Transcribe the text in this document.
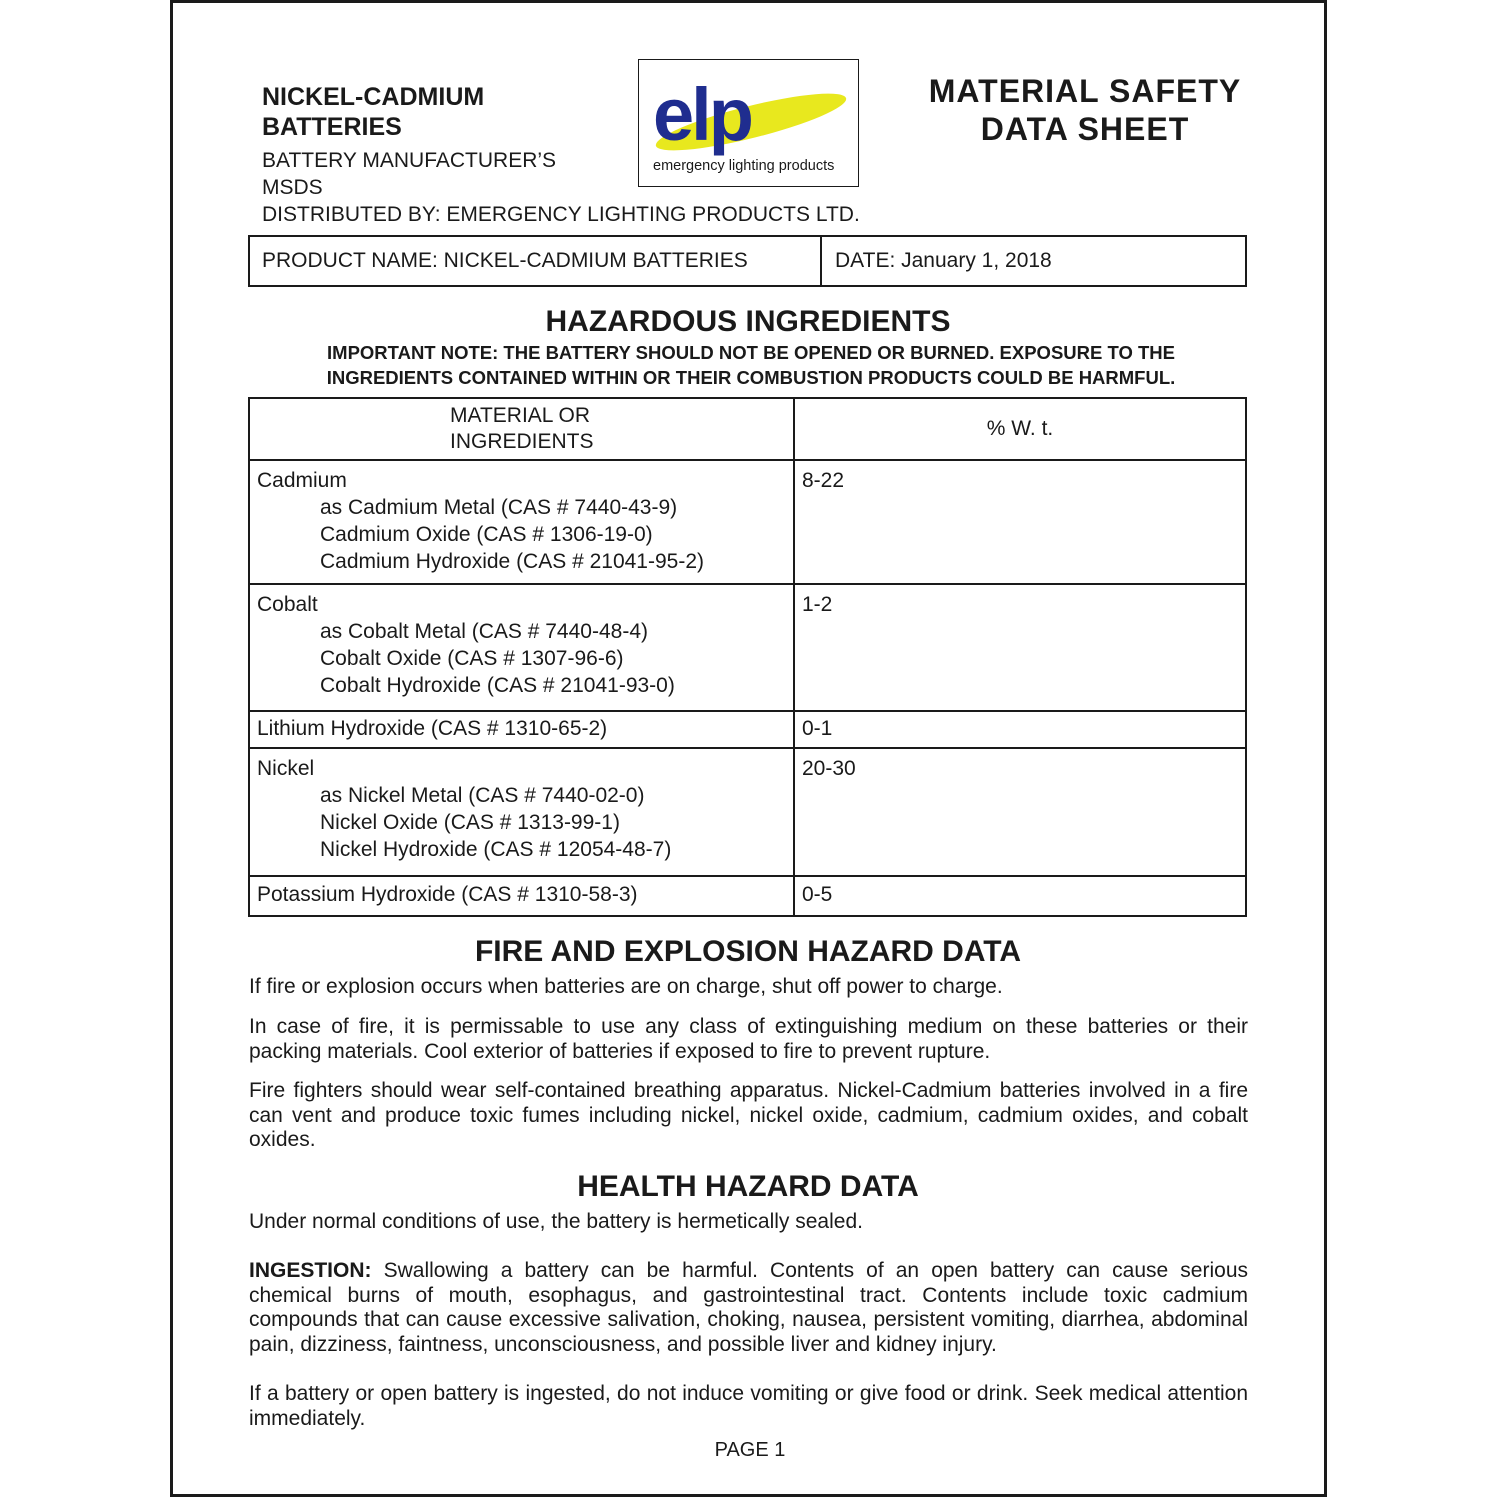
NICKEL-CADMIUM
BATTERIES
BATTERY MANUFACTURER’S
MSDS
DISTRIBUTED BY: EMERGENCY LIGHTING PRODUCTS LTD.
elp
emergency lighting products
MATERIAL SAFETY
DATA SHEET
PRODUCT NAME: NICKEL-CADMIUM BATTERIES	DATE: January 1, 2018
HAZARDOUS INGREDIENTS
IMPORTANT NOTE: THE BATTERY SHOULD NOT BE OPENED OR BURNED. EXPOSURE TO THE
INGREDIENTS CONTAINED WITHIN OR THEIR COMBUSTION PRODUCTS COULD BE HARMFUL.
MATERIAL OR
INGREDIENTS	% W. t.

Cadmium
as Cadmium Metal (CAS # 7440-43-9)
Cadmium Oxide (CAS # 1306-19-0)
Cadmium Hydroxide (CAS # 21041-95-2)	8-22

Cobalt
as Cobalt Metal (CAS # 7440-48-4)
Cobalt Oxide (CAS # 1307-96-6)
Cobalt Hydroxide (CAS # 21041-93-0)	1-2

Lithium Hydroxide (CAS # 1310-65-2)	0-1

Nickel
as Nickel Metal (CAS # 7440-02-0)
Nickel Oxide (CAS # 1313-99-1)
Nickel Hydroxide (CAS # 12054-48-7)	20-30

Potassium Hydroxide (CAS # 1310-58-3)	0-5
FIRE AND EXPLOSION HAZARD DATA
If fire or explosion occurs when batteries are on charge, shut off power to charge.
In case of fire, it is permissable to use any class of extinguishing medium on these batteries or their packing materials. Cool exterior of batteries if exposed to fire to prevent rupture.
Fire fighters should wear self-contained breathing apparatus. Nickel-Cadmium batteries involved in a fire can vent and produce toxic fumes including nickel, nickel oxide, cadmium, cadmium oxides, and cobalt oxides.
HEALTH HAZARD DATA
Under normal conditions of use, the battery is hermetically sealed.
INGESTION: Swallowing a battery can be harmful. Contents of an open battery can cause serious chemical burns of mouth, esophagus, and gastrointestinal tract. Contents include toxic cadmium compounds that can cause excessive salivation, choking, nausea, persistent vomiting, diarrhea, abdominal pain, dizziness, faintness, unconsciousness, and possible liver and kidney injury.
If a battery or open battery is ingested, do not induce vomiting or give food or drink. Seek medical attention immediately.
PAGE 1
